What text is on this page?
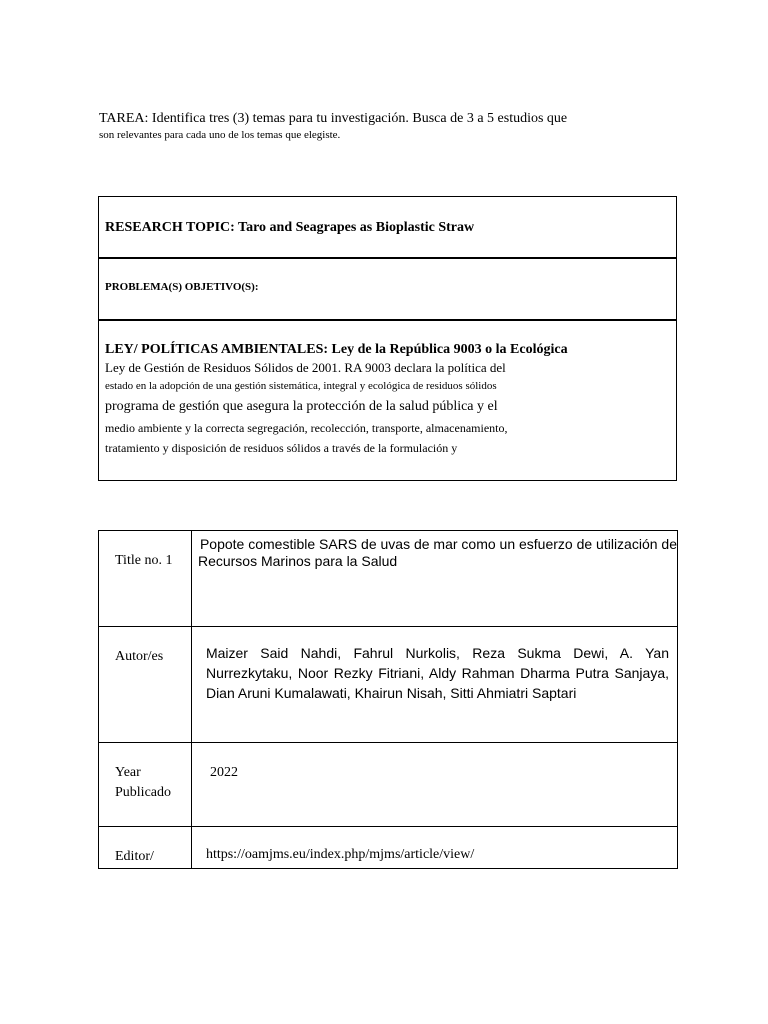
TAREA: Identifica tres (3) temas para tu investigación. Busca de 3 a 5 estudios que
son relevantes para cada uno de los temas que elegiste.
RESEARCH TOPIC: Taro and Seagrapes as Bioplastic Straw
PROBLEMA(S) OBJETIVO(S):
LEY/ POLÍTICAS AMBIENTALES: Ley de la República 9003 o la Ecológica
Ley de Gestión de Residuos Sólidos de 2001. RA 9003 declara la política del
estado en la adopción de una gestión sistemática, integral y ecológica de residuos sólidos
programa de gestión que asegura la protección de la salud pública y el
medio ambiente y la correcta segregación, recolección, transporte, almacenamiento,
tratamiento y disposición de residuos sólidos a través de la formulación y
Title no. 1	Popote comestible SARS de uvas de mar como un esfuerzo de utilización de
Recursos Marinos para la Salud

Autor/es	Maizer Said Nahdi, Fahrul Nurkolis, Reza Sukma Dewi, A. Yan Nurrezkytaku, Noor Rezky Fitriani, Aldy Rahman Dharma Putra Sanjaya, Dian Aruni Kumalawati, Khairun Nisah, Sitti Ahmiatri Saptari

Year
Publicado	2022

Editor/	https://oamjms.eu/index.php/mjms/article/view/
